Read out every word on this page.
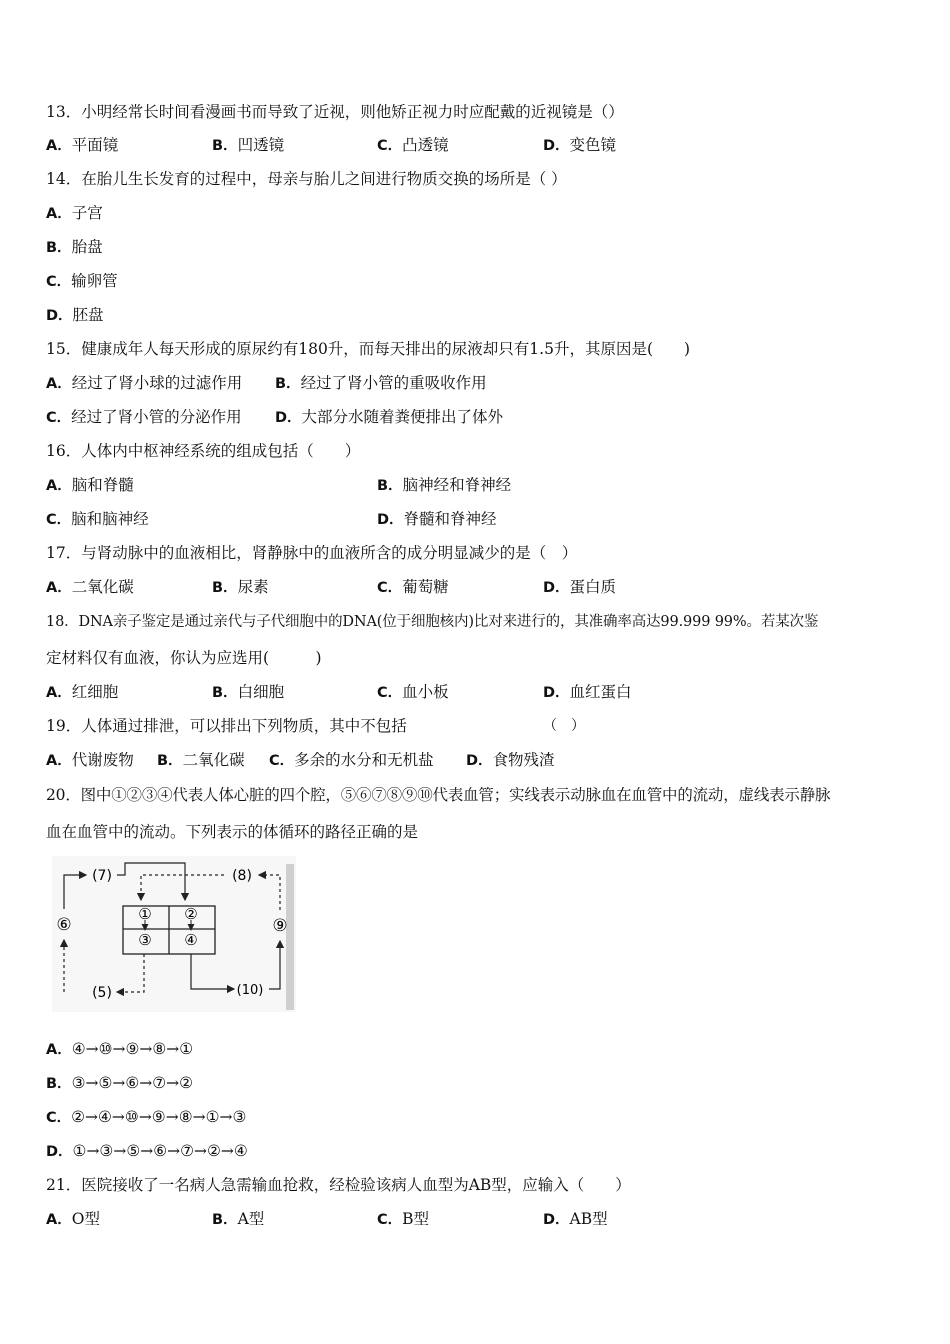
13．小明经常长时间看漫画书而导致了近视，则他矫正视力时应配戴的近视镜是（）
A．平面镜	B．凹透镜	C．凸透镜	D．变色镜
14．在胎儿生长发育的过程中，母亲与胎儿之间进行物质交换的场所是（ ）
A．子宫
B．胎盘
C．输卵管
D．胚盘
15．健康成年人每天形成的原尿约有180升，而每天排出的尿液却只有1.5升，其原因是(　　)
A．经过了肾小球的过滤作用 B．经过了肾小管的重吸收作用
C．经过了肾小管的分泌作用 D．大部分水随着粪便排出了体外
16．人体内中枢神经系统的组成包括（　　）
A．脑和脊髓	B．脑神经和脊神经
C．脑和脑神经	D．脊髓和脊神经
17．与肾动脉中的血液相比，肾静脉中的血液所含的成分明显减少的是（　）
A．二氧化碳	B．尿素	C．葡萄糖	D．蛋白质
18．DNA亲子鉴定是通过亲代与子代细胞中的DNA(位于细胞核内)比对来进行的，其准确率高达99.999 99%。若某次鉴
定材料仅有血液，你认为应选用(　　　)
A．红细胞	B．白细胞	C．血小板	D．血红蛋白
19．人体通过排泄，可以排出下列物质，其中不包括	（　）
A．代谢废物 B．二氧化碳 C．多余的水分和无机盐 D．食物残渣
20．图中①②③④代表人体心脏的四个腔，⑤⑥⑦⑧⑨⑩代表血管；实线表示动脉血在血管中的流动，虚线表示静脉
血在血管中的流动。下列表示的体循环的路径正确的是
① ②
③ ④
(5)
⑥
(7)	(8)
⑨
(10)
A．④→⑩→⑨→⑧→①
B．③→⑤→⑥→⑦→②
C．②→④→⑩→⑨→⑧→①→③
D．①→③→⑤→⑥→⑦→②→④
21．医院接收了一名病人急需输血抢救，经检验该病人血型为AB型，应输入（　　）
A．O型	B．A型	C．B型	D．AB型
